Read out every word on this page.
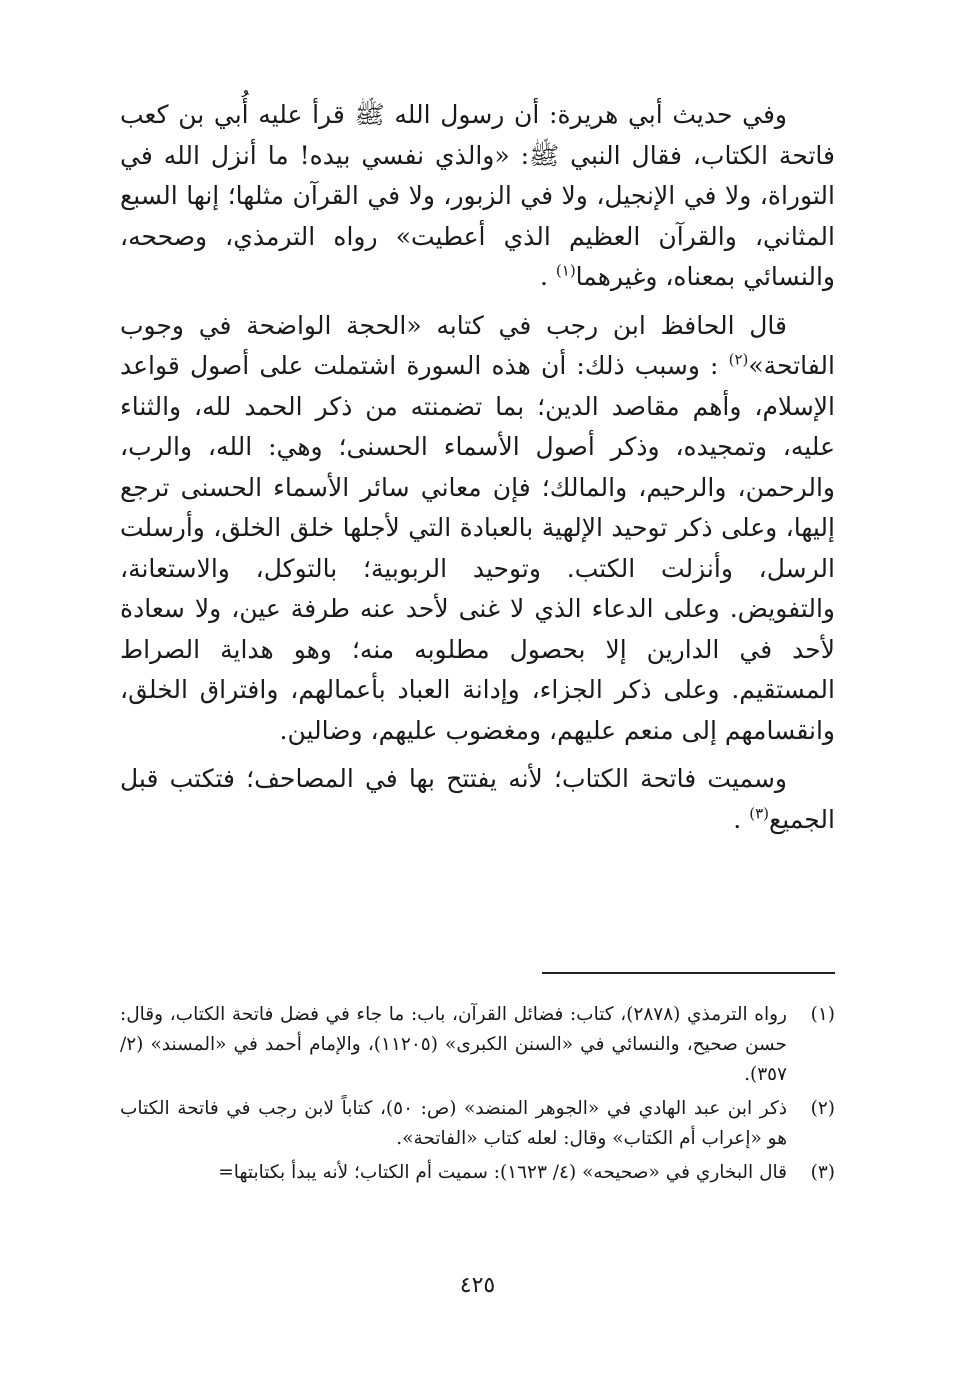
وفي حديث أبي هريرة: أن رسول الله ﷺ قرأ عليه أُبي بن كعب فاتحة الكتاب، فقال النبي ﷺ: «والذي نفسي بيده! ما أنزل الله في التوراة، ولا في الإنجيل، ولا في الزبور، ولا في القرآن مثلها؛ إنها السبع المثاني، والقرآن العظيم الذي أعطيت» رواه الترمذي، وصححه، والنسائي بمعناه، وغيرهما$^{(١)}$ .

قال الحافظ ابن رجب في كتابه «الحجة الواضحة في وجوب الفاتحة»$^{(٢)}$ : وسبب ذلك: أن هذه السورة اشتملت على أصول قواعد الإسلام، وأهم مقاصد الدين؛ بما تضمنته من ذكر الحمد لله، والثناء عليه، وتمجيده، وذكر أصول الأسماء الحسنى؛ وهي: الله، والرب، والرحمن، والرحيم، والمالك؛ فإن معاني سائر الأسماء الحسنى ترجع إليها، وعلى ذكر توحيد الإلهية بالعبادة التي لأجلها خلق الخلق، وأرسلت الرسل، وأنزلت الكتب. وتوحيد الربوبية؛ بالتوكل، والاستعانة، والتفويض. وعلى الدعاء الذي لا غنى لأحد عنه طرفة عين، ولا سعادة لأحد في الدارين إلا بحصول مطلوبه منه؛ وهو هداية الصراط المستقيم. وعلى ذكر الجزاء، وإدانة العباد بأعمالهم، وافتراق الخلق، وانقسامهم إلى منعم عليهم، ومغضوب عليهم، وضالين.

وسميت فاتحة الكتاب؛ لأنه يفتتح بها في المصاحف؛ فتكتب قبل الجميع$^{(٣)}$ .

(١)
رواه الترمذي (٢٨٧٨)، كتاب: فضائل القرآن، باب: ما جاء في فضل فاتحة الكتاب، وقال: حسن صحيح، والنسائي في «السنن الكبرى» (١١٢٠٥)، والإمام أحمد في «المسند» (٢/ ٣٥٧).
(٢)
ذكر ابن عبد الهادي في «الجوهر المنضد» (ص: ٥٠)، كتاباً لابن رجب في فاتحة الكتاب هو «إعراب أم الكتاب» وقال: لعله كتاب «الفاتحة».
(٣)
قال البخاري في «صحيحه» (٤/ ١٦٢٣): سميت أم الكتاب؛ لأنه يبدأ بكتابتها=
٤٢٥
